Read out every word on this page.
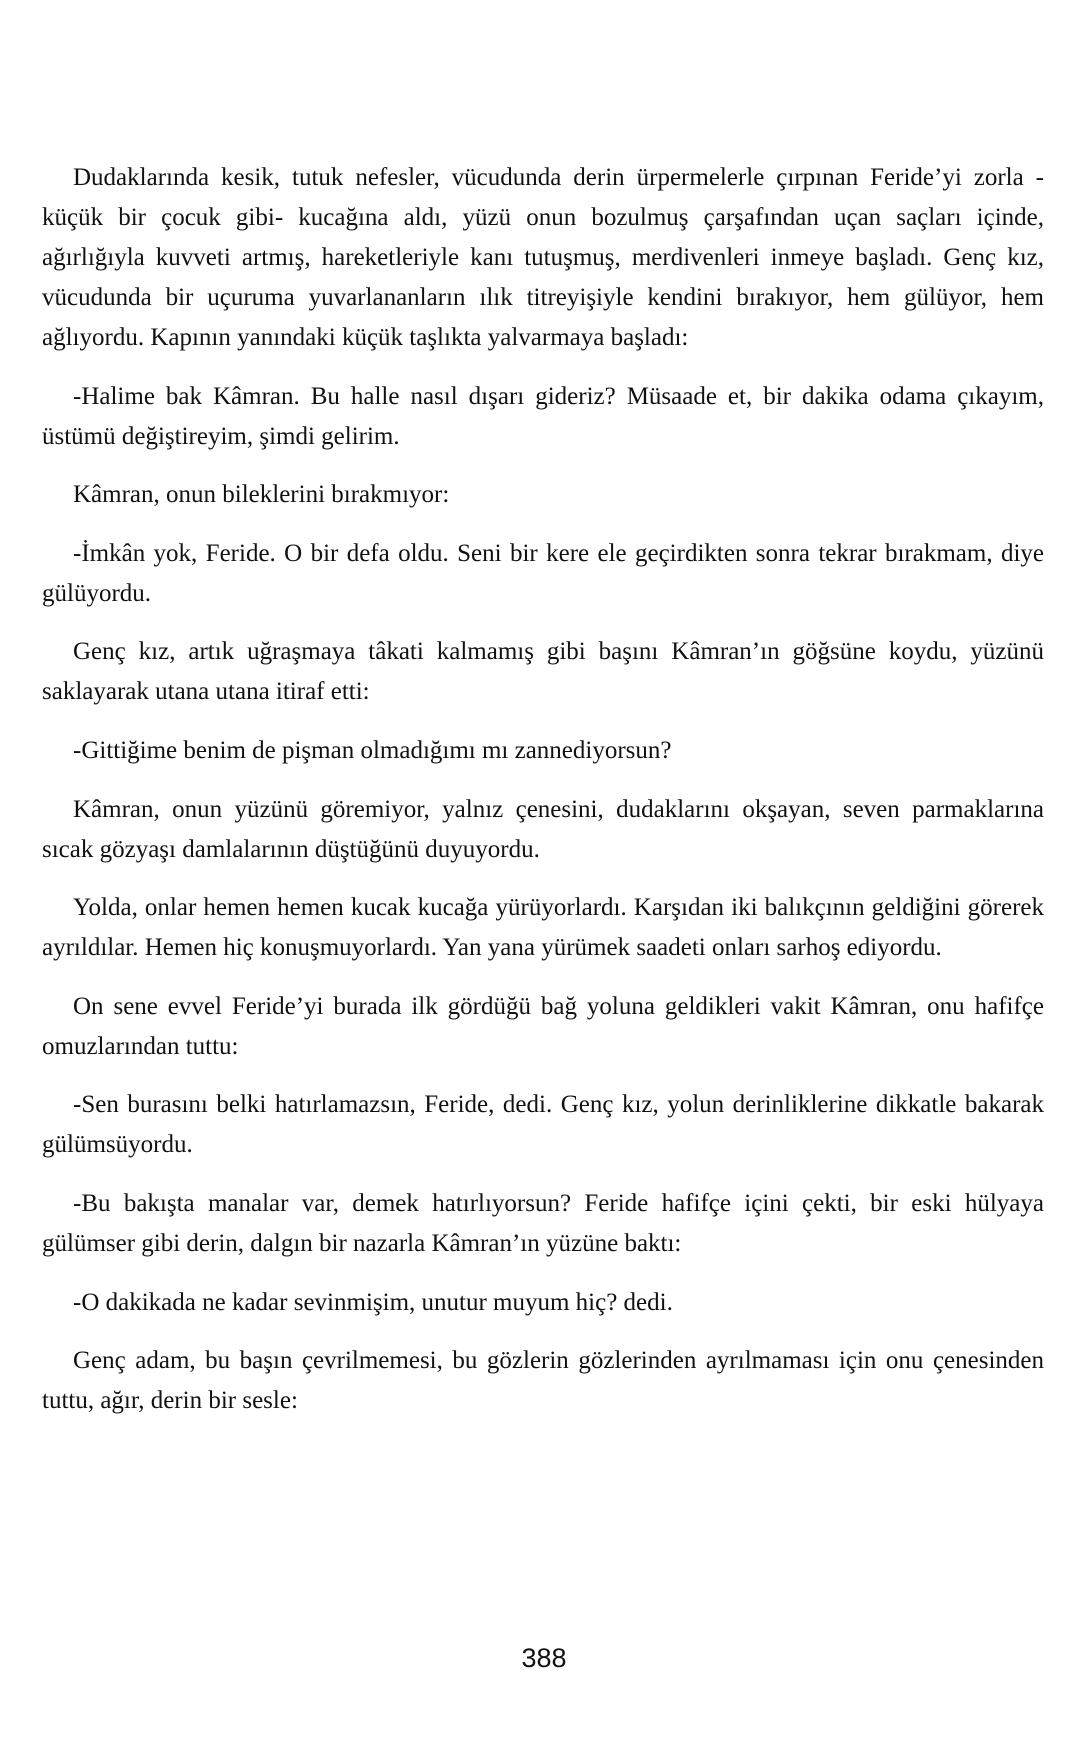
Dudaklarında kesik, tutuk nefesler, vücudunda derin ürpermelerle çırpınan Feride’yi zorla -küçük bir çocuk gibi- kucağına aldı, yüzü onun bozulmuş çarşafından uçan saçları içinde, ağırlığıyla kuvveti artmış, hareketleriyle kanı tutuşmuş, merdivenleri inmeye başladı. Genç kız, vücudunda bir uçuruma yuvarlananların ılık titreyişiyle kendini bırakıyor, hem gülüyor, hem ağlıyordu. Kapının yanındaki küçük taşlıkta yalvarmaya başladı:

-Halime bak Kâmran. Bu halle nasıl dışarı gideriz? Müsaade et, bir dakika odama çıkayım, üstümü değiştireyim, şimdi gelirim.

Kâmran, onun bileklerini bırakmıyor:

-İmkân yok, Feride. O bir defa oldu. Seni bir kere ele geçirdikten sonra tekrar bırakmam, diye gülüyordu.

Genç kız, artık uğraşmaya tâkati kalmamış gibi başını Kâmran’ın göğsüne koydu, yüzünü saklayarak utana utana itiraf etti:

-Gittiğime benim de pişman olmadığımı mı zannediyorsun?

Kâmran, onun yüzünü göremiyor, yalnız çenesini, dudaklarını okşayan, seven parmaklarına sıcak gözyaşı damlalarının düştüğünü duyuyordu.

Yolda, onlar hemen hemen kucak kucağa yürüyorlardı. Karşıdan iki balıkçının geldiğini görerek ayrıldılar. Hemen hiç konuşmuyorlardı. Yan yana yürümek saadeti onları sarhoş ediyordu.

On sene evvel Feride’yi burada ilk gördüğü bağ yoluna geldikleri vakit Kâmran, onu hafifçe omuzlarından tuttu:

-Sen burasını belki hatırlamazsın, Feride, dedi. Genç kız, yolun derinliklerine dikkatle bakarak gülümsüyordu.

-Bu bakışta manalar var, demek hatırlıyorsun? Feride hafifçe içini çekti, bir eski hülyaya gülümser gibi derin, dalgın bir nazarla Kâmran’ın yüzüne baktı:

-O dakikada ne kadar sevinmişim, unutur muyum hiç? dedi.

Genç adam, bu başın çevrilmemesi, bu gözlerin gözlerinden ayrılmaması için onu çenesinden tuttu, ağır, derin bir sesle:

388
